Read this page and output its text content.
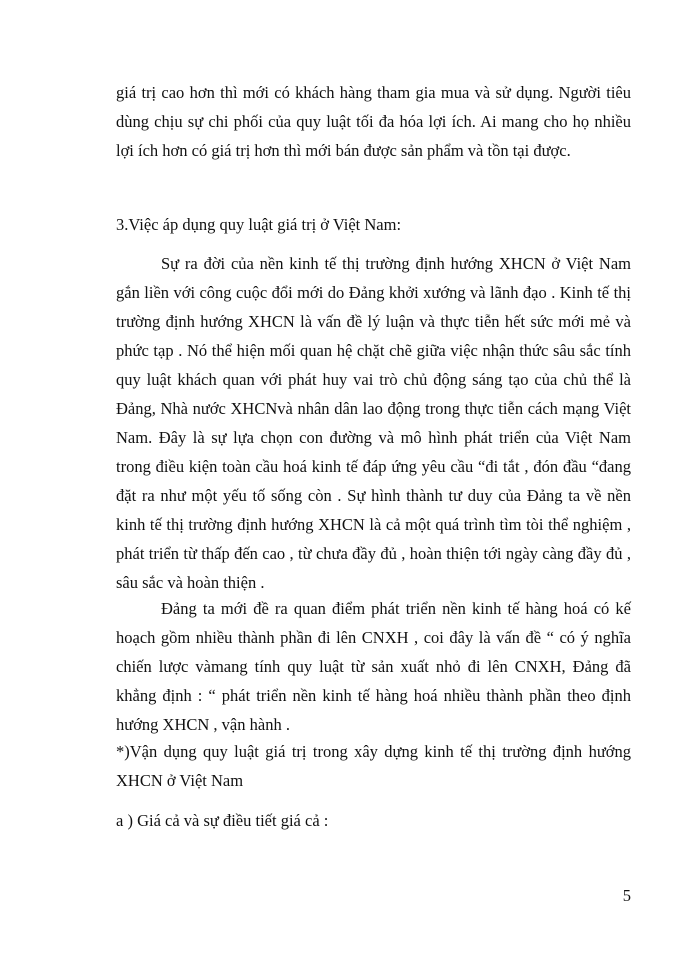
giá trị cao hơn thì mới có khách hàng tham gia mua và sử dụng. Người tiêu dùng chịu sự chi phối của quy luật tối đa hóa lợi ích. Ai mang cho họ nhiều lợi ích hơn có giá trị hơn thì mới bán được sản phẩm và tồn tại được.

3.Việc áp dụng quy luật giá trị ở Việt Nam:

Sự ra đời của nền kinh tế thị trường định hướng XHCN ở Việt Nam gắn liền với công cuộc đổi mới do Đảng khởi xướng và lãnh đạo . Kinh tế thị trường định hướng XHCN là vấn đề lý luận và thực tiễn hết sức mới mẻ và phức tạp . Nó thể hiện mối quan hệ chặt chẽ giữa việc nhận thức sâu sắc tính quy luật khách quan với phát huy vai trò chủ động sáng tạo của chủ thể là Đảng, Nhà nước XHCNvà nhân dân lao động trong thực tiễn cách mạng Việt Nam. Đây là sự lựa chọn con đường và mô hình phát triển của Việt Nam trong điều kiện toàn cầu hoá kinh tế đáp ứng yêu cầu “đi tắt , đón đầu “đang đặt ra như một yếu tố sống còn . Sự hình thành tư duy của Đảng ta về nền kinh tế thị trường định hướng XHCN là cả một quá trình tìm tòi thể nghiệm , phát triển từ thấp đến cao , từ chưa đầy đủ , hoàn thiện tới ngày càng đầy đủ , sâu sắc và hoàn thiện .

Đảng ta mới đề ra quan điểm phát triển nền kinh tế hàng hoá có kế hoạch gồm nhiều thành phần đi lên CNXH , coi đây là vấn đề “ có ý nghĩa chiến lược vàmang tính quy luật từ sản xuất nhỏ đi lên CNXH, Đảng đã khẳng định : “ phát triển nền kinh tế hàng hoá nhiều thành phần theo định hướng XHCN , vận hành .

*)Vận dụng quy luật giá trị trong xây dựng kinh tế thị trường định hướng XHCN ở Việt Nam

a ) Giá cả và sự điều tiết giá cả :

5
